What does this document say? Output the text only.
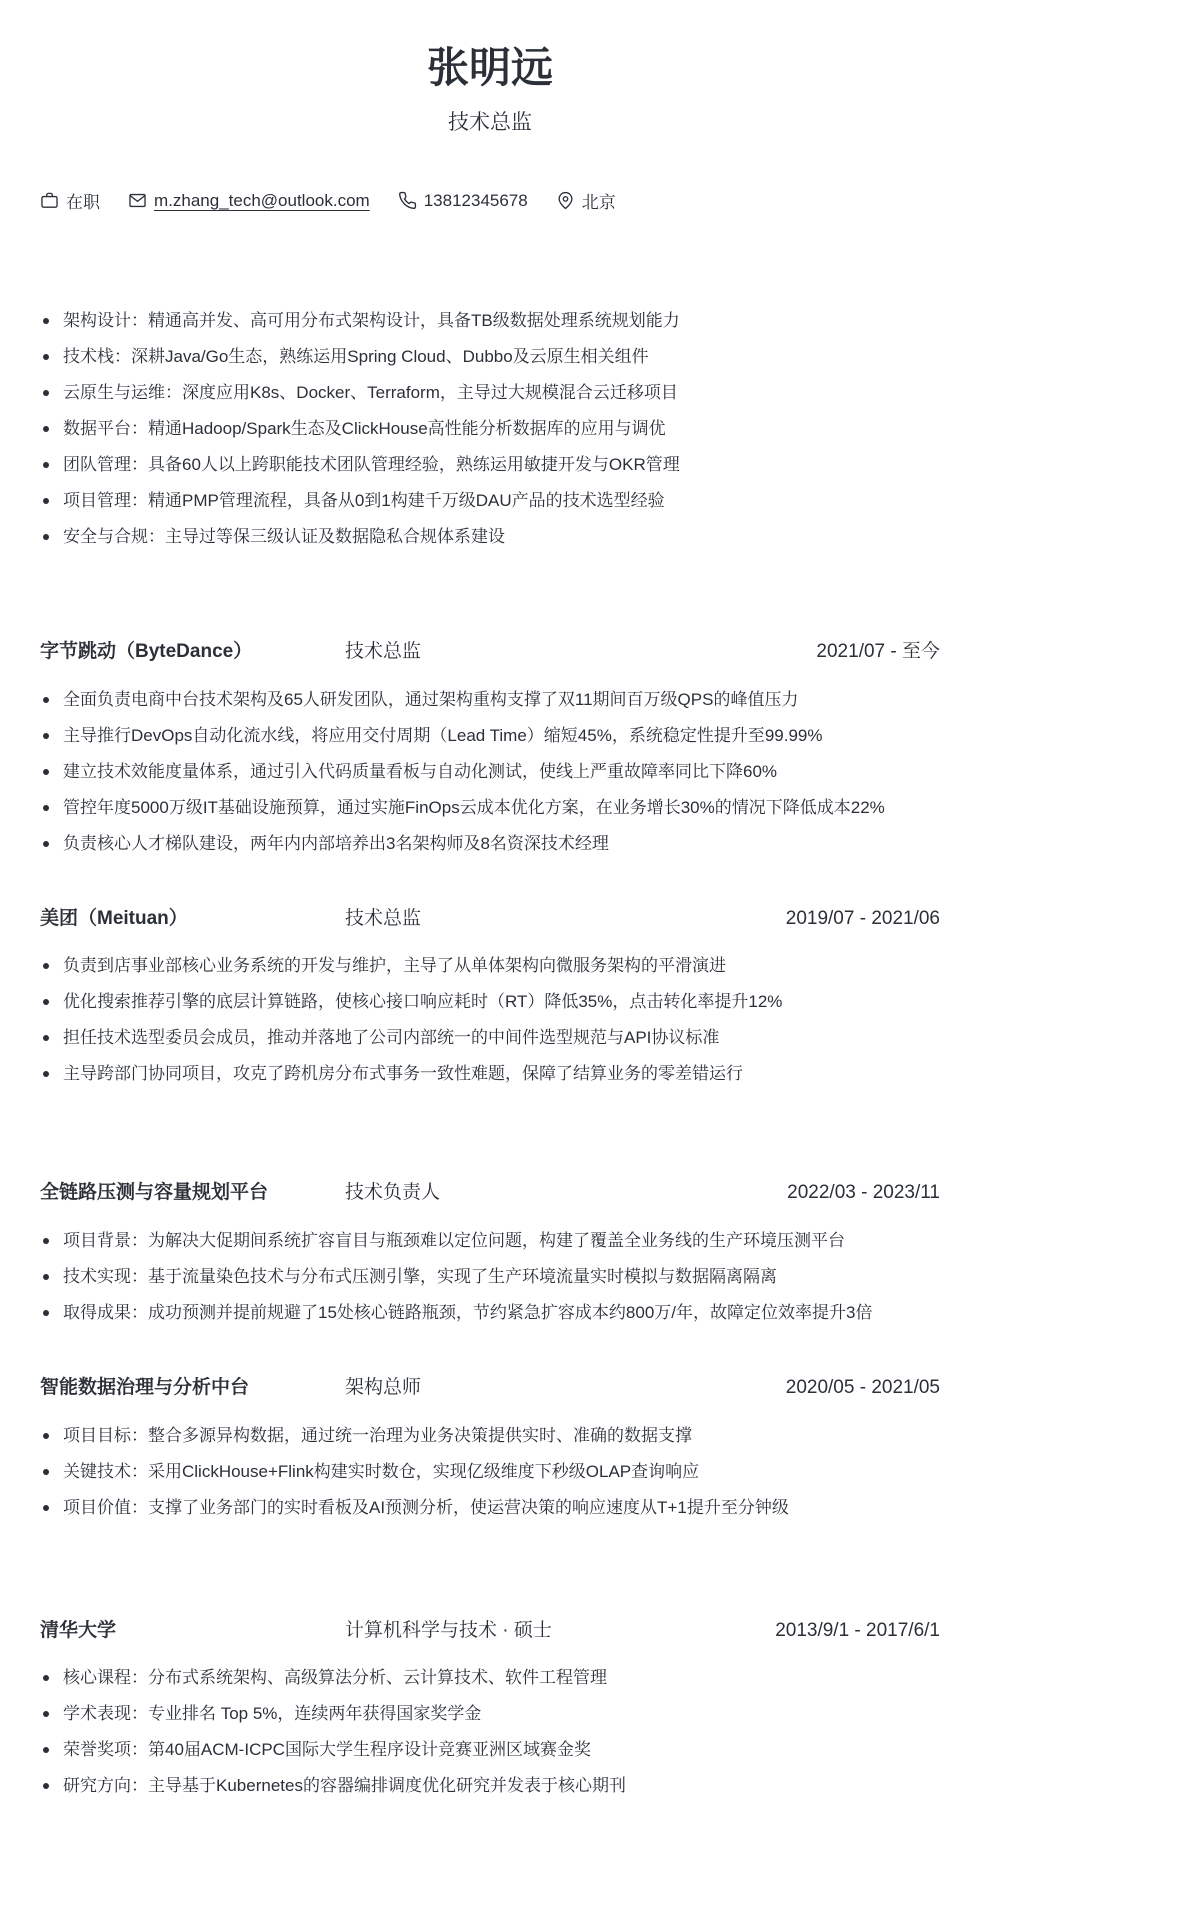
张明远
技术总监
在职	m.zhang_tech@outlook.com	13812345678	北京
架构设计：精通高并发、高可用分布式架构设计，具备TB级数据处理系统规划能力
技术栈：深耕Java/Go生态，熟练运用Spring Cloud、Dubbo及云原生相关组件
云原生与运维：深度应用K8s、Docker、Terraform，主导过大规模混合云迁移项目
数据平台：精通Hadoop/Spark生态及ClickHouse高性能分析数据库的应用与调优
团队管理：具备60人以上跨职能技术团队管理经验，熟练运用敏捷开发与OKR管理
项目管理：精通PMP管理流程，具备从0到1构建千万级DAU产品的技术选型经验
安全与合规：主导过等保三级认证及数据隐私合规体系建设
字节跳动（ByteDance）	技术总监	2021/07 - 至今
全面负责电商中台技术架构及65人研发团队，通过架构重构支撑了双11期间百万级QPS的峰值压力
主导推行DevOps自动化流水线，将应用交付周期（Lead Time）缩短45%，系统稳定性提升至99.99%
建立技术效能度量体系，通过引入代码质量看板与自动化测试，使线上严重故障率同比下降60%
管控年度5000万级IT基础设施预算，通过实施FinOps云成本优化方案，在业务增长30%的情况下降低成本22%
负责核心人才梯队建设，两年内内部培养出3名架构师及8名资深技术经理
美团（Meituan）	技术总监	2019/07 - 2021/06
负责到店事业部核心业务系统的开发与维护，主导了从单体架构向微服务架构的平滑演进
优化搜索推荐引擎的底层计算链路，使核心接口响应耗时（RT）降低35%，点击转化率提升12%
担任技术选型委员会成员，推动并落地了公司内部统一的中间件选型规范与API协议标准
主导跨部门协同项目，攻克了跨机房分布式事务一致性难题，保障了结算业务的零差错运行
全链路压测与容量规划平台	技术负责人	2022/03 - 2023/11
项目背景：为解决大促期间系统扩容盲目与瓶颈难以定位问题，构建了覆盖全业务线的生产环境压测平台
技术实现：基于流量染色技术与分布式压测引擎，实现了生产环境流量实时模拟与数据隔离隔离
取得成果：成功预测并提前规避了15处核心链路瓶颈，节约紧急扩容成本约800万/年，故障定位效率提升3倍
智能数据治理与分析中台	架构总师	2020/05 - 2021/05
项目目标：整合多源异构数据，通过统一治理为业务决策提供实时、准确的数据支撑
关键技术：采用ClickHouse+Flink构建实时数仓，实现亿级维度下秒级OLAP查询响应
项目价值：支撑了业务部门的实时看板及AI预测分析，使运营决策的响应速度从T+1提升至分钟级
清华大学	计算机科学与技术 · 硕士	2013/9/1 - 2017/6/1
核心课程：分布式系统架构、高级算法分析、云计算技术、软件工程管理
学术表现：专业排名 Top 5%，连续两年获得国家奖学金
荣誉奖项：第40届ACM-ICPC国际大学生程序设计竞赛亚洲区域赛金奖
研究方向：主导基于Kubernetes的容器编排调度优化研究并发表于核心期刊
